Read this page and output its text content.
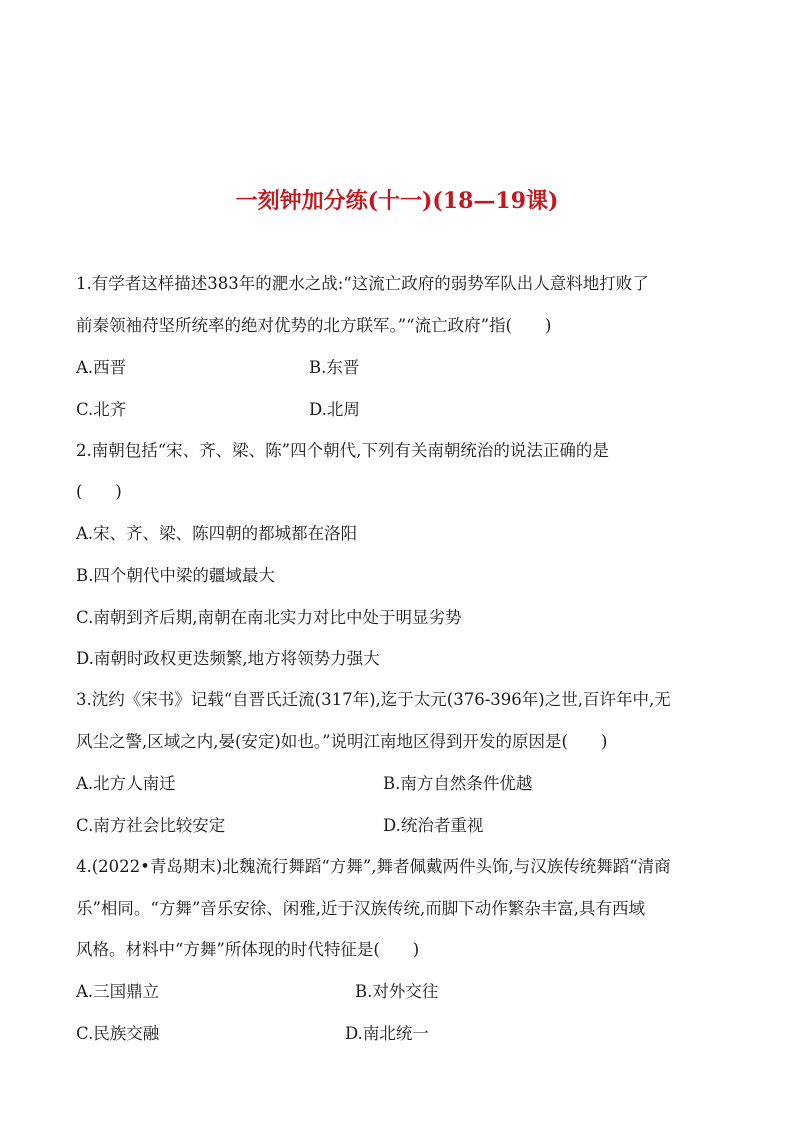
一刻钟加分练(十一)(18—19课)
1.有学者这样描述383年的淝水之战:“这流亡政府的弱势军队出人意料地打败了
前秦领袖苻坚所统率的绝对优势的北方联军。”“流亡政府”指(　　)
A.西晋	B.东晋
C.北齐	D.北周
2.南朝包括“宋、齐、梁、陈”四个朝代,下列有关南朝统治的说法正确的是
(　　)
A.宋、齐、梁、陈四朝的都城都在洛阳
B.四个朝代中梁的疆域最大
C.南朝到齐后期,南朝在南北实力对比中处于明显劣势
D.南朝时政权更迭频繁,地方将领势力强大
3.沈约《宋书》记载“自晋氏迁流(317年),迄于太元(376-396年)之世,百许年中,无
风尘之警,区域之内,晏(安定)如也。”说明江南地区得到开发的原因是(　　)
A.北方人南迁	B.南方自然条件优越
C.南方社会比较安定	D.统治者重视
4.(2022•青岛期末)北魏流行舞蹈“方舞”,舞者佩戴两件头饰,与汉族传统舞蹈“清商
乐”相同。“方舞”音乐安徐、闲雅,近于汉族传统,而脚下动作繁杂丰富,具有西域
风格。材料中“方舞”所体现的时代特征是(　　)
A.三国鼎立	B.对外交往
C.民族交融	D.南北统一
